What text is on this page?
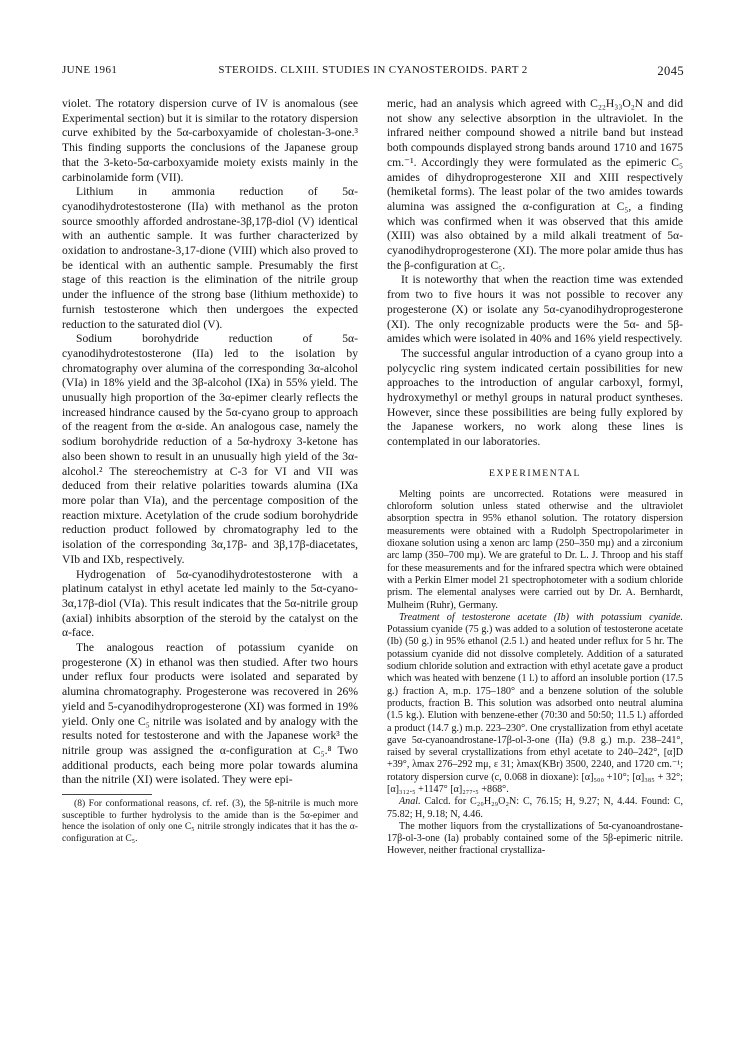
JUNE 1961	STEROIDS. CLXIII. STUDIES IN CYANOSTEROIDS. PART 2	2045

violet. The rotatory dispersion curve of IV is anomalous (see Experimental section) but it is similar to the rotatory dispersion curve exhibited by the 5α-carboxyamide of cholestan-3-one.³ This finding supports the conclusions of the Japanese group that the 3-keto-5α-carboxyamide moiety exists mainly in the carbinolamide form (VII).

Lithium in ammonia reduction of 5α-cyanodihydrotestosterone (IIa) with methanol as the proton source smoothly afforded androstane-3β,17β-diol (V) identical with an authentic sample. It was further characterized by oxidation to androstane-3,17-dione (VIII) which also proved to be identical with an authentic sample. Presumably the first stage of this reaction is the elimination of the nitrile group under the influence of the strong base (lithium methoxide) to furnish testosterone which then undergoes the expected reduction to the saturated diol (V).

Sodium borohydride reduction of 5α-cyanodihydrotestosterone (IIa) led to the isolation by chromatography over alumina of the corresponding 3α-alcohol (VIa) in 18% yield and the 3β-alcohol (IXa) in 55% yield. The unusually high proportion of the 3α-epimer clearly reflects the increased hindrance caused by the 5α-cyano group to approach of the reagent from the α-side. An analogous case, namely the sodium borohydride reduction of a 5α-hydroxy 3-ketone has also been shown to result in an unusually high yield of the 3α-alcohol.² The stereochemistry at C-3 for VI and VII was deduced from their relative polarities towards alumina (IXa more polar than VIa), and the percentage composition of the reaction mixture. Acetylation of the crude sodium borohydride reduction product followed by chromatography led to the isolation of the corresponding 3α,17β- and 3β,17β-diacetates, VIb and IXb, respectively.

Hydrogenation of 5α-cyanodihydrotestosterone with a platinum catalyst in ethyl acetate led mainly to the 5α-cyano-3α,17β-diol (VIa). This result indicates that the 5α-nitrile group (axial) inhibits absorption of the steroid by the catalyst on the α-face.

The analogous reaction of potassium cyanide on progesterone (X) in ethanol was then studied. After two hours under reflux four products were isolated and separated by alumina chromatography. Progesterone was recovered in 26% yield and 5-cyanodihydroprogesterone (XI) was formed in 19% yield. Only one C₅ nitrile was isolated and by analogy with the results noted for testosterone and with the Japanese work³ the nitrile group was assigned the α-configuration at C₅.⁸ Two additional products, each being more polar towards alumina than the nitrile (XI) were isolated. They were epi-

(8) For conformational reasons, cf. ref. (3), the 5β-nitrile is much more susceptible to further hydrolysis to the amide than is the 5α-epimer and hence the isolation of only one C₅ nitrile strongly indicates that it has the α-configuration at C₅.

meric, had an analysis which agreed with C₂₂H₃₃O₂N and did not show any selective absorption in the ultraviolet. In the infrared neither compound showed a nitrile band but instead both compounds displayed strong bands around 1710 and 1675 cm.⁻¹. Accordingly they were formulated as the epimeric C₅ amides of dihydroprogesterone XII and XIII respectively (hemiketal forms). The least polar of the two amides towards alumina was assigned the α-configuration at C₅, a finding which was confirmed when it was observed that this amide (XIII) was also obtained by a mild alkali treatment of 5α-cyanodihydroprogesterone (XI). The more polar amide thus has the β-configuration at C₅.

It is noteworthy that when the reaction time was extended from two to five hours it was not possible to recover any progesterone (X) or isolate any 5α-cyanodihydroprogesterone (XI). The only recognizable products were the 5α- and 5β-amides which were isolated in 40% and 16% yield respectively.

The successful angular introduction of a cyano group into a polycyclic ring system indicated certain possibilities for new approaches to the introduction of angular carboxyl, formyl, hydroxymethyl or methyl groups in natural product syntheses. However, since these possibilities are being fully explored by the Japanese workers, no work along these lines is contemplated in our laboratories.

EXPERIMENTAL

Melting points are uncorrected. Rotations were measured in chloroform solution unless stated otherwise and the ultraviolet absorption spectra in 95% ethanol solution. The rotatory dispersion measurements were obtained with a Rudolph Spectropolarimeter in dioxane solution using a xenon arc lamp (250–350 mμ) and a zirconium arc lamp (350–700 mμ). We are grateful to Dr. L. J. Throop and his staff for these measurements and for the infrared spectra which were obtained with a Perkin Elmer model 21 spectrophotometer with a sodium chloride prism. The elemental analyses were carried out by Dr. A. Bernhardt, Mulheim (Ruhr), Germany.

Treatment of testosterone acetate (Ib) with potassium cyanide. Potassium cyanide (75 g.) was added to a solution of testosterone acetate (Ib) (50 g.) in 95% ethanol (2.5 l.) and heated under reflux for 5 hr. The potassium cyanide did not dissolve completely. Addition of a saturated sodium chloride solution and extraction with ethyl acetate gave a product which was heated with benzene (1 l.) to afford an insoluble portion (17.5 g.) fraction A, m.p. 175–180° and a benzene solution of the soluble products, fraction B. This solution was adsorbed onto neutral alumina (1.5 kg.). Elution with benzene-ether (70:30 and 50:50; 11.5 l.) afforded a product (14.7 g.) m.p. 223–230°. One crystallization from ethyl acetate gave 5α-cyanoandrostane-17β-ol-3-one (IIa) (9.8 g.) m.p. 238–241°, raised by several crystallizations from ethyl acetate to 240–242°, [α]D +39°, λmax 276–292 mμ, ε 31; λmax(KBr) 3500, 2240, and 1720 cm.⁻¹; rotatory dispersion curve (c, 0.068 in dioxane): [α]₅₀₀ +10°; [α]₃₈₅ + 32°; [α]₃₁₂.₅ +1147° [α]₂₇₇.₅ +868°.

Anal. Calcd. for C₂₀H₂₉O₂N: C, 76.15; H, 9.27; N, 4.44. Found: C, 75.82; H, 9.18; N, 4.46.

The mother liquors from the crystallizations of 5α-cyanoandrostane-17β-ol-3-one (Ia) probably contained some of the 5β-epimeric nitrile. However, neither fractional crystalliza-
